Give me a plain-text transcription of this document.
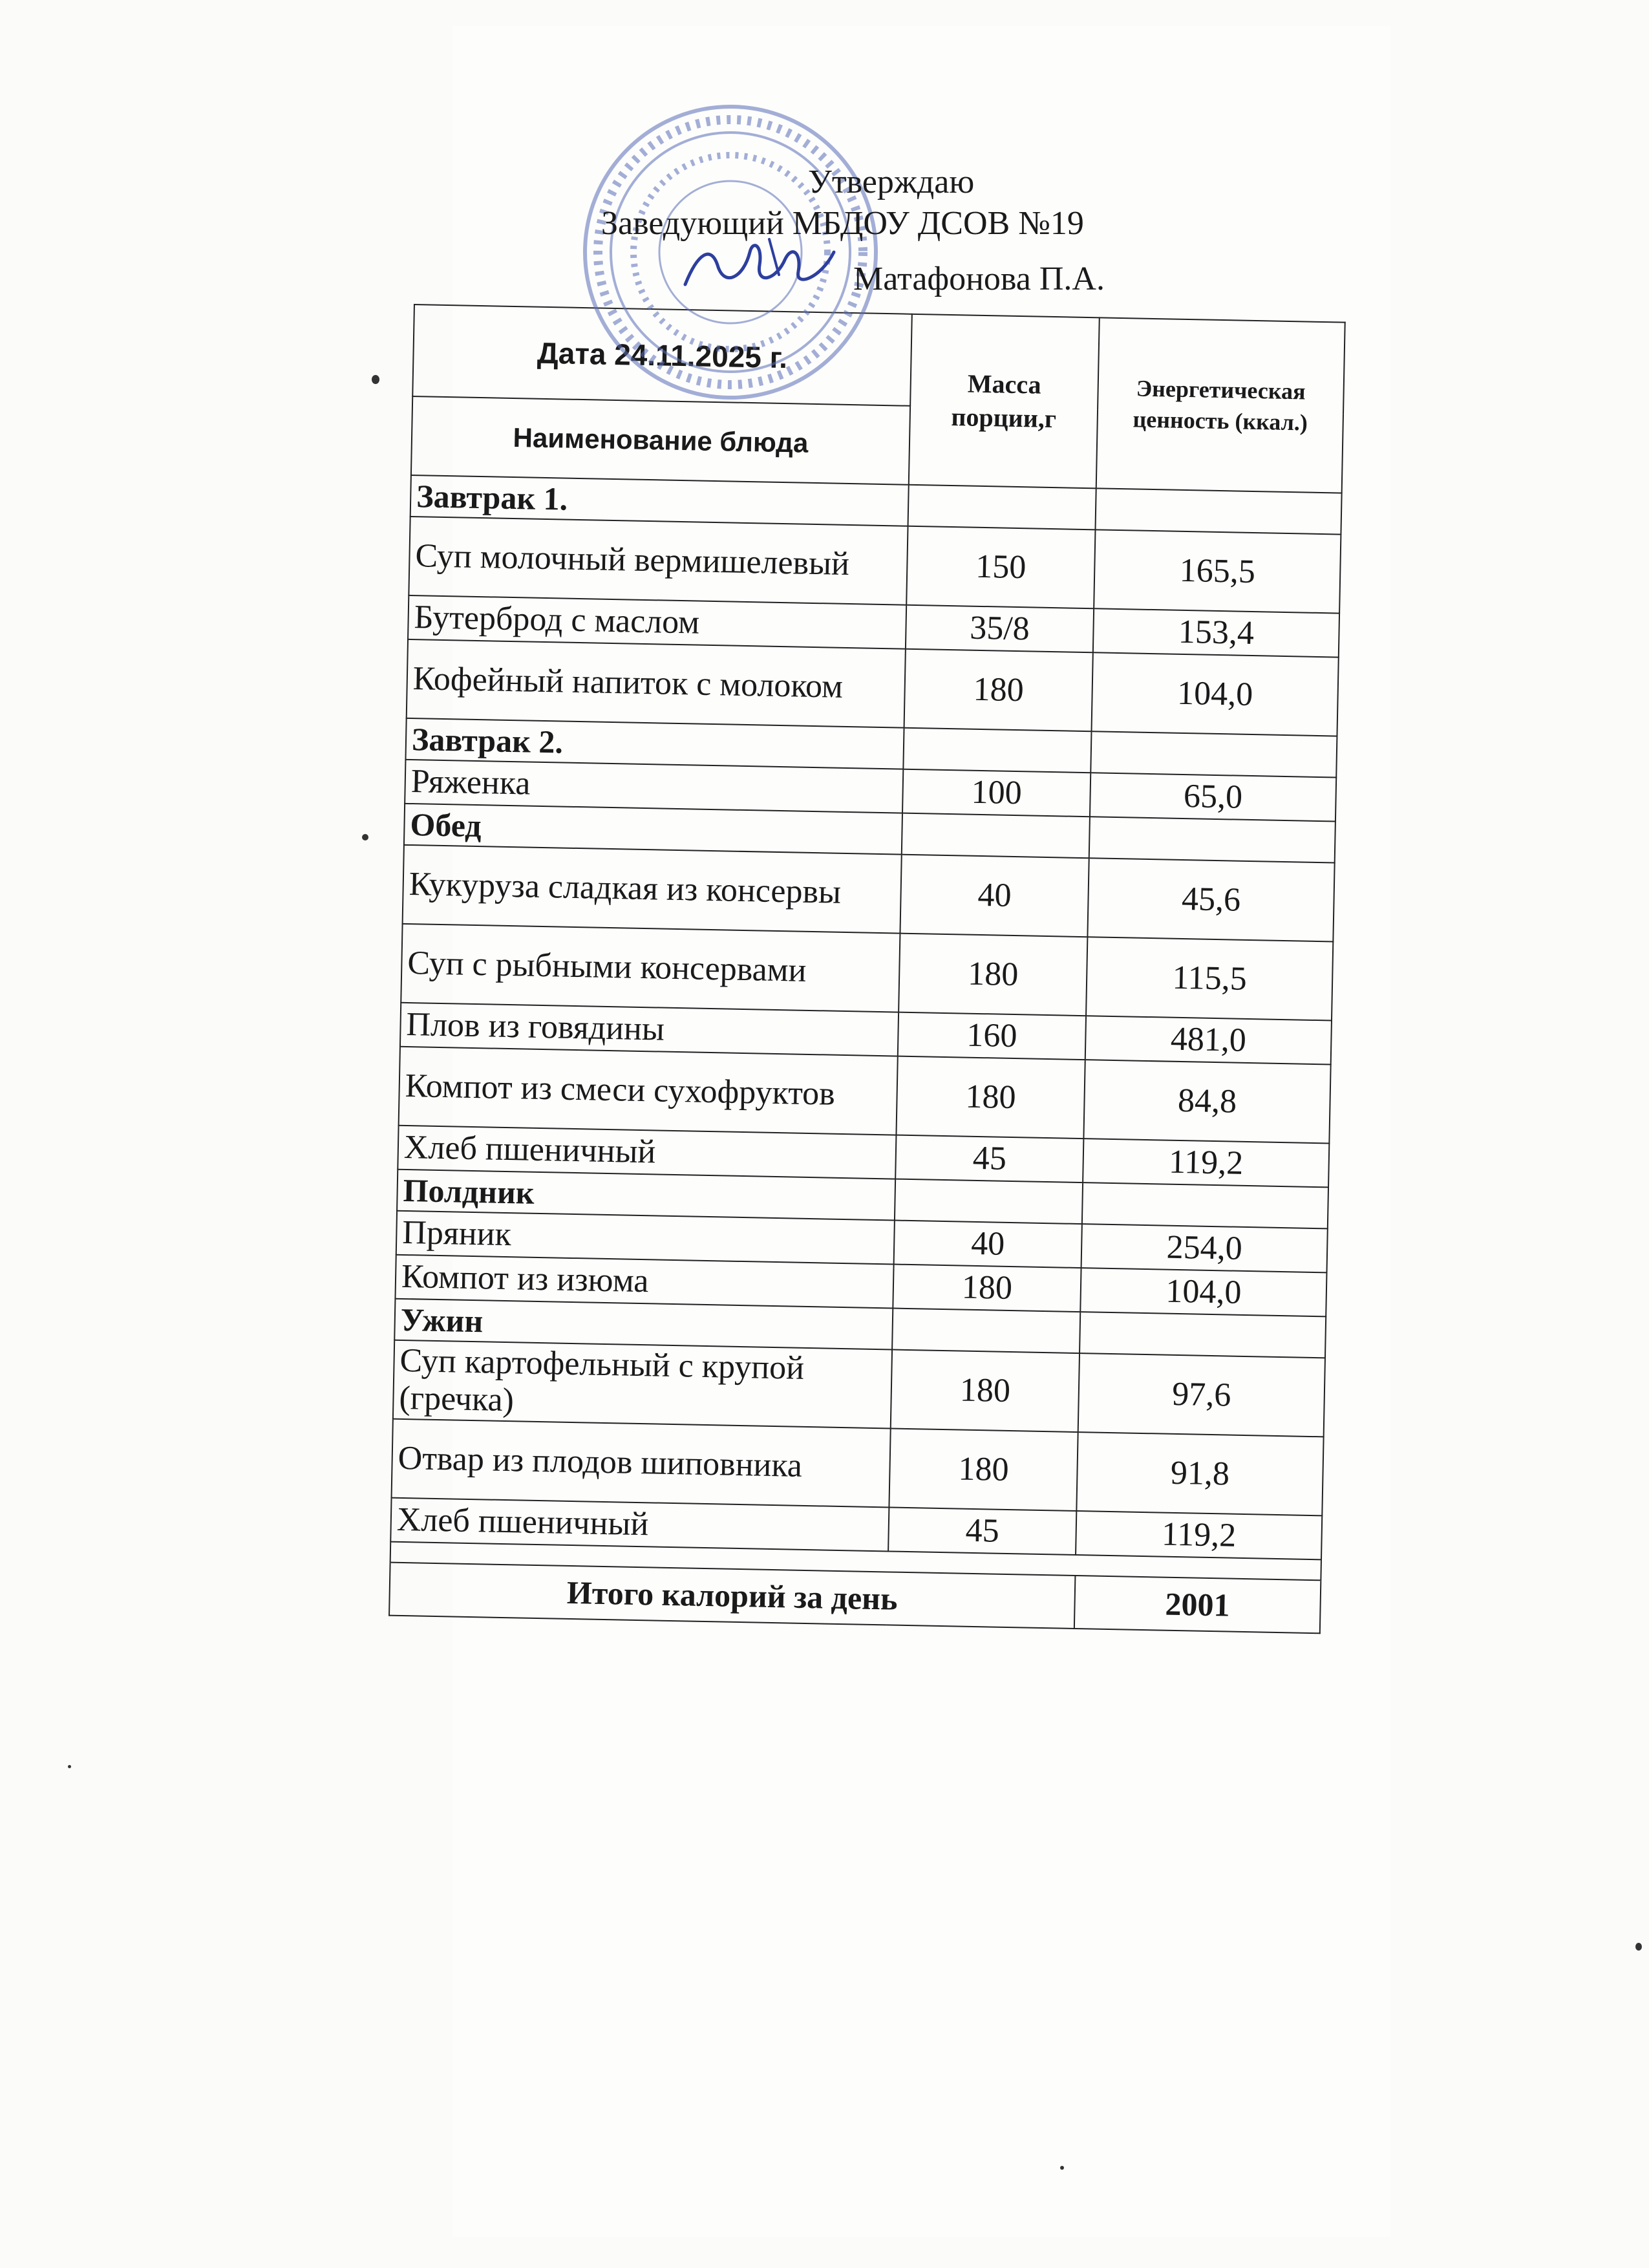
Утверждаю
Заведующий МБДОУ ДСОВ №19
Матафонова П.А.
Дата 24.11.2025 г.	Масса порции,г	Энергетическая ценность (ккал.)
Наименование блюда		
Завтрак 1.		
Суп молочный вермишелевый	150	165,5
Бутерброд с маслом	35/8	153,4
Кофейный напиток с молоком	180	104,0
Завтрак 2.		
Ряженка	100	65,0
Обед		
Кукуруза сладкая из консервы	40	45,6
Суп с рыбными консервами	180	115,5
Плов из говядины	160	481,0
Компот из смеси сухофруктов	180	84,8
Хлеб пшеничный	45	119,2
Полдник		
Пряник	40	254,0
Компот из изюма	180	104,0
Ужин		
Суп картофельный с крупой (гречка)	180	97,6
Отвар из плодов шиповника	180	91,8
Хлеб пшеничный	45	119,2

Итого калорий за день		2001
